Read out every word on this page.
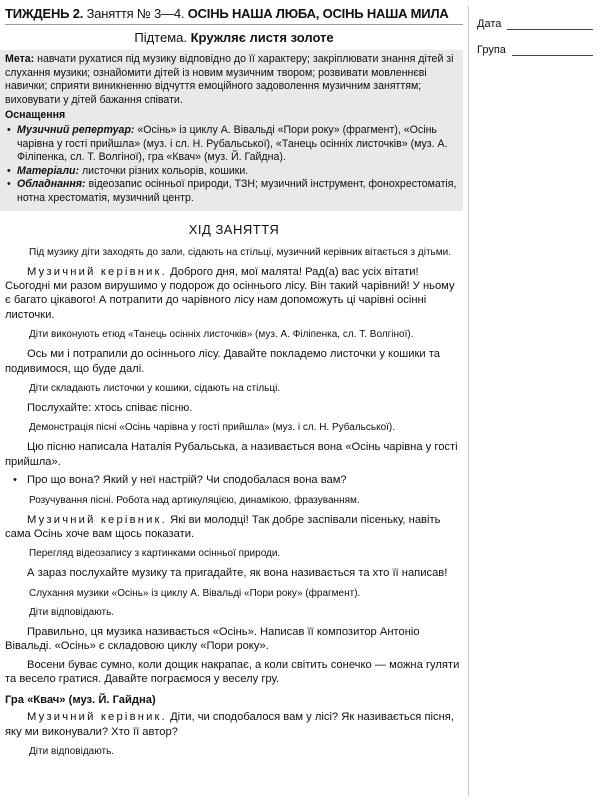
ТИЖДЕНЬ 2. Заняття № 3—4. ОСІНЬ НАША ЛЮБА, ОСІНЬ НАША МИЛА
Підтема. Кружляє листя золоте

Мета: навчати рухатися під музику відповідно до її характеру; закріплювати знання дітей зі слухання музики; ознайомити дітей із новим музичним твором; розвивати мовленнєві навички; сприяти виникненню відчуття емоційного задоволення музичним заняттям; виховувати у дітей бажання співати.

Оснащення
• Музичний репертуар: «Осінь» із циклу А. Вівальді «Пори року» (фрагмент), «Осінь чарівна у гості прийшла» (муз. і сл. Н. Рубальської), «Танець осінніх листочків» (муз. А. Філіпенка, сл. Т. Волгіної), гра «Квач» (муз. Й. Гайдна).
• Матеріали: листочки різних кольорів, кошики.
• Обладнання: відеозапис осінньої природи, ТЗН; музичний інструмент, фонохрестоматія, нотна хрестоматія, музичний центр.
ХІД ЗАНЯТТЯ

Під музику діти заходять до зали, сідають на стільці, музичний керівник вітається з дітьми.

Музичний керівник. Доброго дня, мої малята! Рад(а) вас усіх вітати! Сьогодні ми разом вирушимо у подорож до осіннього лісу. Він такий чарівний! У ньому є багато цікавого! А потрапити до чарівного лісу нам допоможуть ці чарівні осінні листочки.

Діти виконують етюд «Танець осінніх листочків» (муз. А. Філіпенка, сл. Т. Волгіної).

Ось ми і потрапили до осіннього лісу. Давайте покладемо листочки у кошики та подивимося, що буде далі.

Діти складають листочки у кошики, сідають на стільці.

Послухайте: хтось співає пісню.

Демонстрація пісні «Осінь чарівна у гості прийшла» (муз. і сл. Н. Рубальської).

Цю пісню написала Наталія Рубальська, а називається вона «Осінь чарівна у гості прийшла».

• Про що вона? Який у неї настрій? Чи сподобалася вона вам?

Розучування пісні. Робота над артикуляцією, динамікою, фразуванням.

Музичний керівник. Які ви молодці! Так добре заспівали пісеньку, навіть сама Осінь хоче вам щось показати.

Перегляд відеозапису з картинками осінньої природи.

А зараз послухайте музику та пригадайте, як вона називається та хто її написав!

Слухання музики «Осінь» із циклу А. Вівальді «Пори року» (фрагмент).

Діти відповідають.

Правильно, ця музика називається «Осінь». Написав її композитор Антоніо Вівальді. «Осінь» є складовою циклу «Пори року».

Восени буває сумно, коли дощик накрапає, а коли світить сонечко — можна гуляти та весело гратися. Давайте пограємося у веселу гру.

Гра «Квач» (муз. Й. Гайдна)

Музичний керівник. Діти, чи сподобалося вам у лісі? Як називається пісня, яку ми виконували? Хто її автор?

Діти відповідають.

Дата
Група
